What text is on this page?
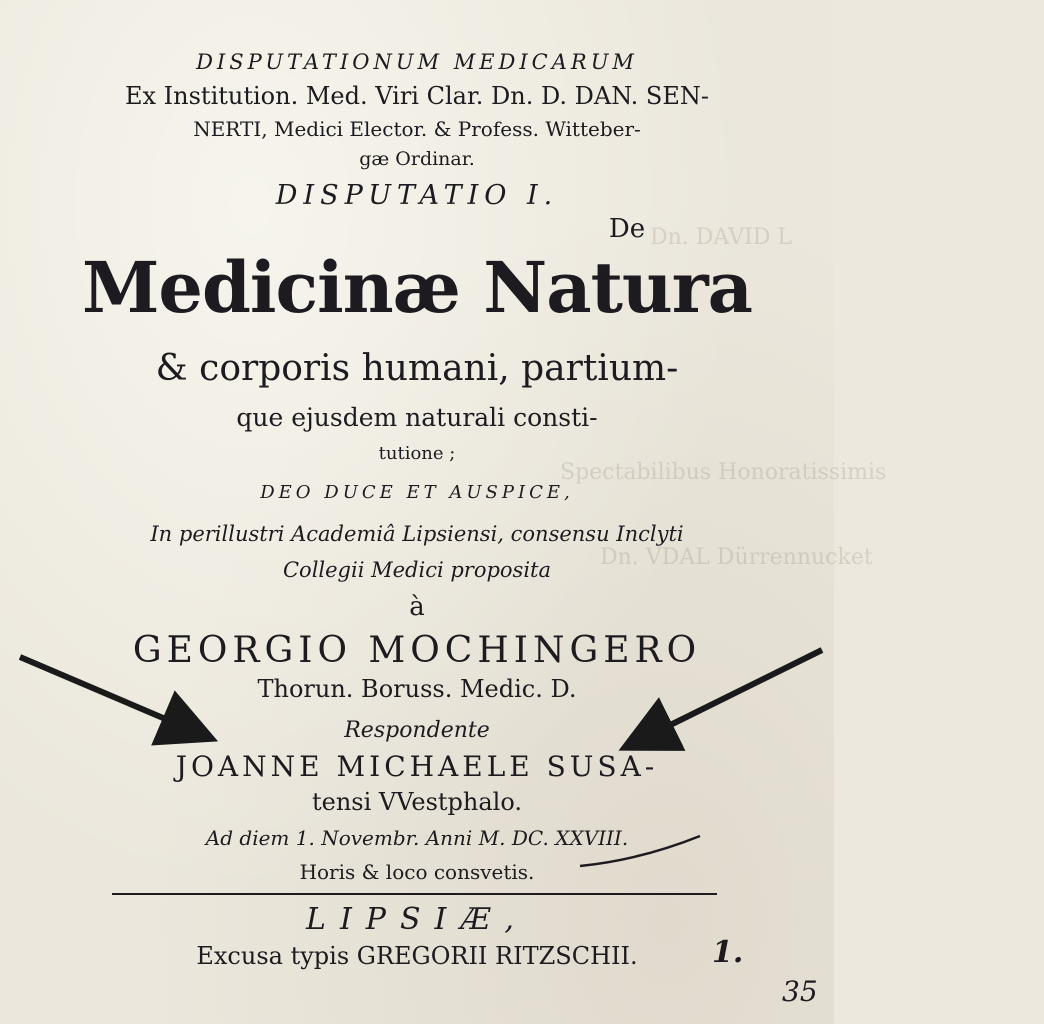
Dn. DAVID L
Spectabilibus Honoratissimis
Dn. VDAL Dürrennucket
DISPUTATIONUM MEDICARUM
Ex Institution. Med. Viri Clar. Dn. D. DAN. SEN-
NERTI, Medici Elector. & Profess. Witteber-
gæ Ordinar.
DISPUTATIO I.
De
Medicinæ Natura
& corporis humani, partium-
que ejusdem naturali consti-
tutione ;
DEO DUCE ET AUSPICE,
In perillustri Academiâ Lipsiensi, consensu Inclyti
Collegii Medici proposita
à
GEORGIO MOCHINGERO
Thorun. Boruss. Medic. D.
Respondente
JOANNE MICHAELE SUSA-
tensi VVestphalo.
Ad diem 1. Novembr. Anni M. DC. XXVIII.
Horis & loco consvetis.
LIPSIÆ,
Excusa typis GREGORII RITZSCHII.	1.
35
